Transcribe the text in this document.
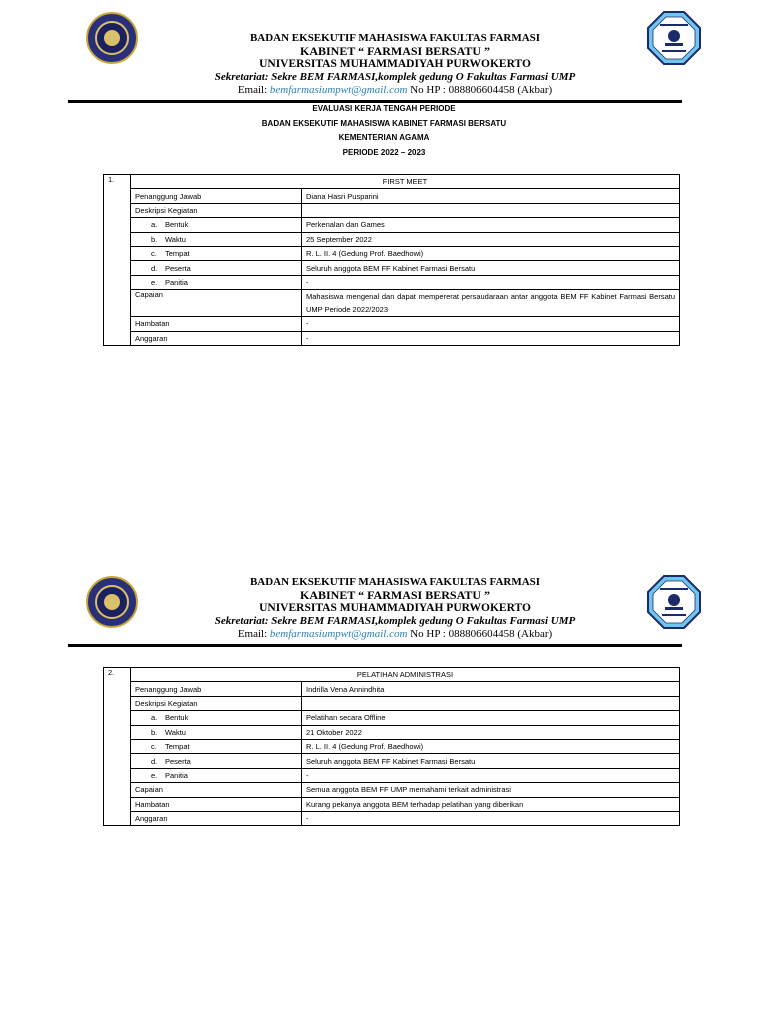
BADAN EKSEKUTIF MAHASISWA FAKULTAS FARMASI
KABINET “ FARMASI BERSATU ”
UNIVERSITAS MUHAMMADIYAH PURWOKERTO
Sekretariat: Sekre BEM FARMASI,komplek gedung O Fakultas Farmasi UMP
Email: bemfarmasiumpwt@gmail.com No HP : 088806604458 (Akbar)
EVALUASI KERJA TENGAH PERIODE
BADAN EKSEKUTIF MAHASISWA KABINET FARMASI BERSATU
KEMENTERIAN AGAMA
PERIODE 2022 – 2023
1.	FIRST MEET	
	Penanggung Jawab	Diana Hasri Pusparini
	Deskripsi Kegiatan	
	a. Bentuk	Perkenalan dan Games
	b. Waktu	25 September 2022
	c. Tempat	R. L. II. 4 (Gedung Prof. Baedhowi)
	d. Peserta	Seluruh anggota BEM FF Kabinet Farmasi Bersatu
	e. Panitia	-
	Capaian	Mahasiswa mengenal dan dapat mempererat persaudaraan antar anggota BEM FF Kabinet Farmasi Bersatu UMP Periode 2022/2023
	Hambatan	-
	Anggaran	-
BADAN EKSEKUTIF MAHASISWA FAKULTAS FARMASI
KABINET “ FARMASI BERSATU ”
UNIVERSITAS MUHAMMADIYAH PURWOKERTO
Sekretariat: Sekre BEM FARMASI,komplek gedung O Fakultas Farmasi UMP
Email: bemfarmasiumpwt@gmail.com No HP : 088806604458 (Akbar)
2.	PELATIHAN ADMINISTRASI	
	Penanggung Jawab	Indrilla Vena Annindhita
	Deskripsi Kegiatan	
	a. Bentuk	Pelatihan secara Offline
	b. Waktu	21 Oktober 2022
	c. Tempat	R. L. II. 4 (Gedung Prof. Baedhowi)
	d. Peserta	Seluruh anggota BEM FF Kabinet Farmasi Bersatu
	e. Panitia	-
	Capaian	Semua anggota BEM FF UMP memahami terkait administrasi
	Hambatan	Kurang pekanya anggota BEM terhadap pelatihan yang diberikan
	Anggaran	-
